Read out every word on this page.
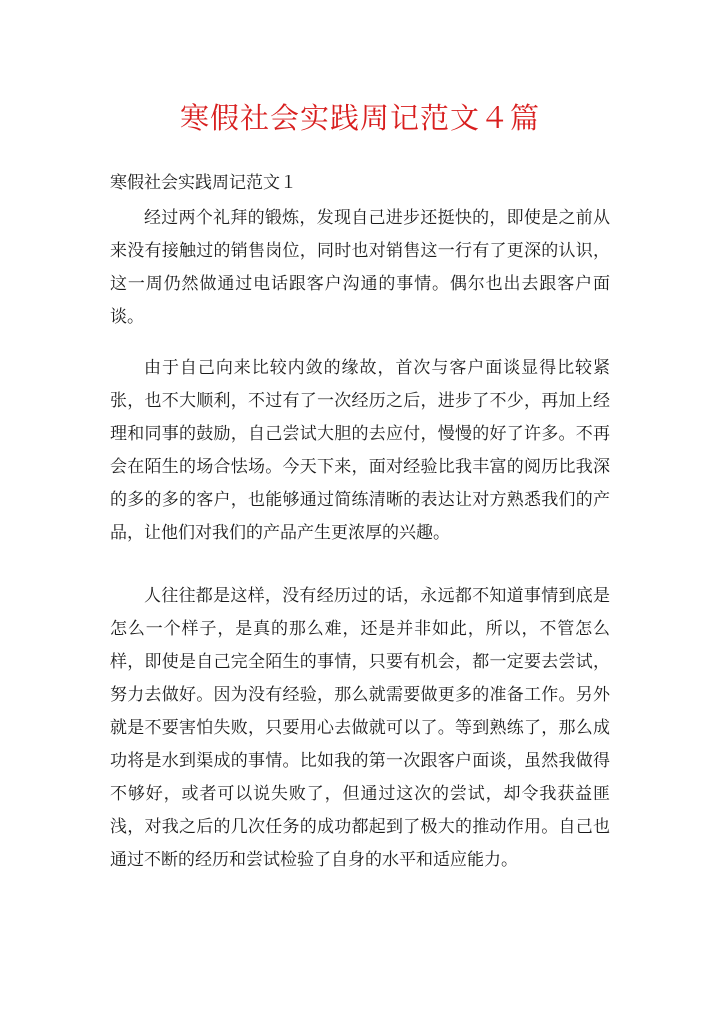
寒假社会实践周记范文４篇
寒假社会实践周记范文１

经过两个礼拜的锻炼，发现自己进步还挺快的，即使是之前从来没有接触过的销售岗位，同时也对销售这一行有了更深的认识，这一周仍然做通过电话跟客户沟通的事情。偶尔也出去跟客户面谈。

由于自己向来比较内敛的缘故，首次与客户面谈显得比较紧张，也不大顺利，不过有了一次经历之后，进步了不少，再加上经理和同事的鼓励，自己尝试大胆的去应付，慢慢的好了许多。不再会在陌生的场合怯场。今天下来，面对经验比我丰富的阅历比我深的多的多的客户，也能够通过简练清晰的表达让对方熟悉我们的产品，让他们对我们的产品产生更浓厚的兴趣。

人往往都是这样，没有经历过的话，永远都不知道事情到底是怎么一个样子，是真的那么难，还是并非如此，所以，不管怎么样，即使是自己完全陌生的事情，只要有机会，都一定要去尝试，努力去做好。因为没有经验，那么就需要做更多的准备工作。另外就是不要害怕失败，只要用心去做就可以了。等到熟练了，那么成功将是水到渠成的事情。比如我的第一次跟客户面谈，虽然我做得不够好，或者可以说失败了，但通过这次的尝试，却令我获益匪浅，对我之后的几次任务的成功都起到了极大的推动作用。自己也通过不断的经历和尝试检验了自身的水平和适应能力。
